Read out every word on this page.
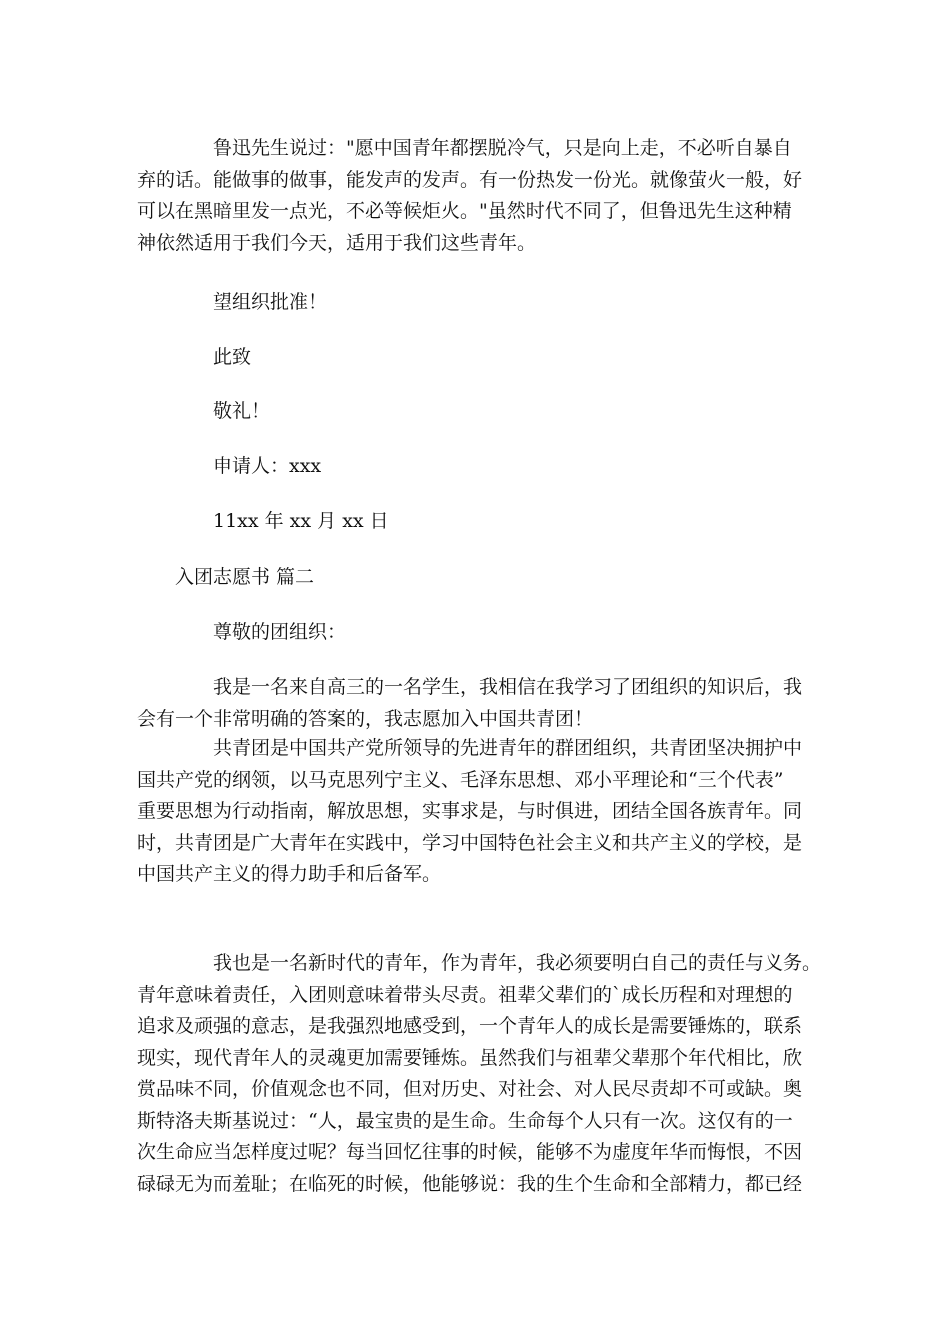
鲁迅先生说过："愿中国青年都摆脱冷气，只是向上走，不必听自暴自
弃的话。能做事的做事，能发声的发声。有一份热发一份光。就像萤火一般，好
可以在黑暗里发一点光，不必等候炬火。"虽然时代不同了，但鲁迅先生这种精
神依然适用于我们今天，适用于我们这些青年。

望组织批准！

此致

敬礼！

申请人：xxx

11xx 年 xx 月 xx 日

入团志愿书 篇二

尊敬的团组织：

我是一名来自高三的一名学生，我相信在我学习了团组织的知识后，我
会有一个非常明确的答案的，我志愿加入中国共青团！
共青团是中国共产党所领导的先进青年的群团组织，共青团坚决拥护中
国共产党的纲领，以马克思列宁主义、毛泽东思想、邓小平理论和“三个代表”
重要思想为行动指南，解放思想，实事求是，与时俱进，团结全国各族青年。同
时，共青团是广大青年在实践中，学习中国特色社会主义和共产主义的学校，是
中国共产主义的得力助手和后备军。
我也是一名新时代的青年，作为青年，我必须要明白自己的责任与义务。
青年意味着责任，入团则意味着带头尽责。祖辈父辈们的`成长历程和对理想的
追求及顽强的意志，是我强烈地感受到，一个青年人的成长是需要锤炼的，联系
现实，现代青年人的灵魂更加需要锤炼。虽然我们与祖辈父辈那个年代相比，欣
赏品味不同，价值观念也不同，但对历史、对社会、对人民尽责却不可或缺。奥
斯特洛夫斯基说过：“人，最宝贵的是生命。生命每个人只有一次。这仅有的一
次生命应当怎样度过呢？每当回忆往事的时候，能够不为虚度年华而悔恨，不因
碌碌无为而羞耻；在临死的时候，他能够说：我的生个生命和全部精力，都已经
